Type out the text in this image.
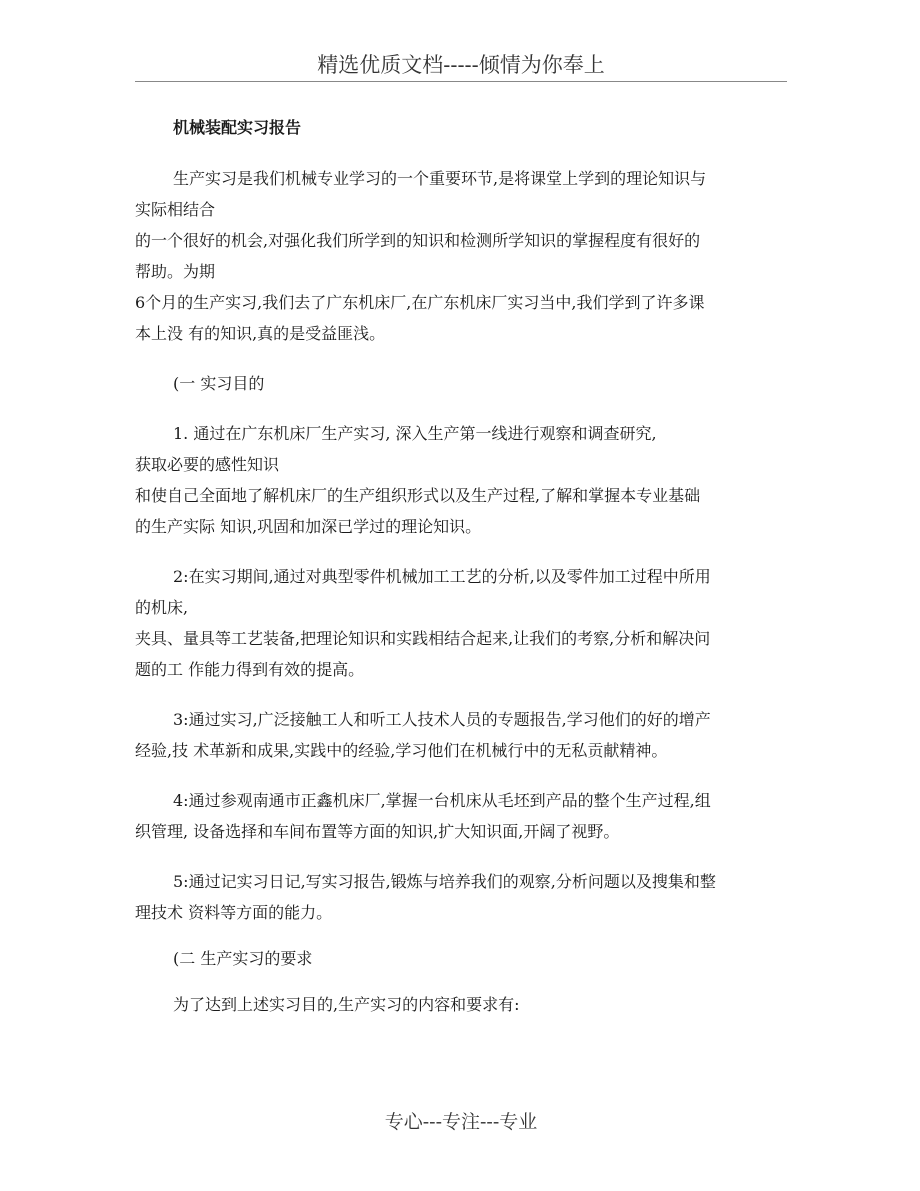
精选优质文档-----倾情为你奉上

机械装配实习报告

生产实习是我们机械专业学习的一个重要环节,是将课堂上学到的理论知识与
实际相结合
的一个很好的机会,对强化我们所学到的知识和检测所学知识的掌握程度有很好的
帮助。为期
6个月的生产实习,我们去了广东机床厂,在广东机床厂实习当中,我们学到了许多课
本上没 有的知识,真的是受益匪浅。

(一 实习目的

1. 通过在广东机床厂生产实习, 深入生产第一线进行观察和调查研究,
获取必要的感性知识
和使自己全面地了解机床厂的生产组织形式以及生产过程,了解和掌握本专业基础
的生产实际 知识,巩固和加深已学过的理论知识。

2:在实习期间,通过对典型零件机械加工工艺的分析,以及零件加工过程中所用
的机床,
夹具、量具等工艺装备,把理论知识和实践相结合起来,让我们的考察,分析和解决问
题的工 作能力得到有效的提高。

3:通过实习,广泛接触工人和听工人技术人员的专题报告,学习他们的好的增产
经验,技 术革新和成果,实践中的经验,学习他们在机械行中的无私贡献精神。

4:通过参观南通市正鑫机床厂,掌握一台机床从毛坯到产品的整个生产过程,组
织管理, 设备选择和车间布置等方面的知识,扩大知识面,开阔了视野。

5:通过记实习日记,写实习报告,锻炼与培养我们的观察,分析问题以及搜集和整
理技术 资料等方面的能力。

(二 生产实习的要求

为了达到上述实习目的,生产实习的内容和要求有:

专心---专注---专业
